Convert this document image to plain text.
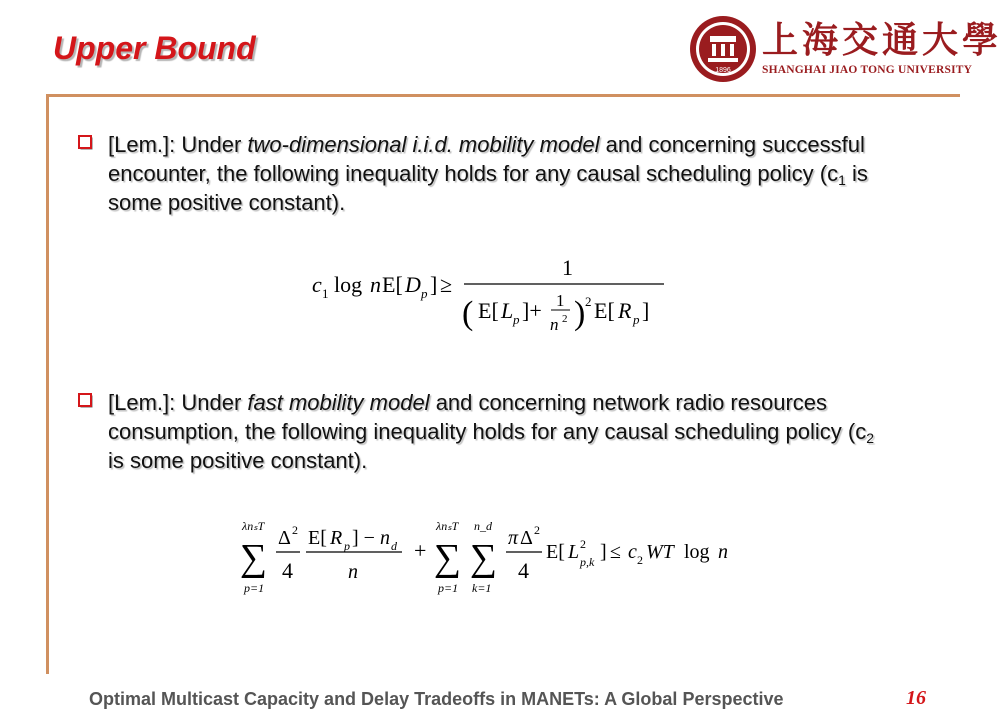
Upper Bound
1896
上海交通大學
SHANGHAI JIAO TONG UNIVERSITY
[Lem.]: Under two-dimensional i.i.d. mobility model and concerning successful encounter, the following inequality holds for any causal scheduling policy ($c_1$ is some positive constant).
c 1 log n E[ D p ] ≥
1
( E[ L p ]+ 1
n 2 ) 2 E[ R p ]
[Lem.]: Under fast mobility model and concerning network radio resources consumption, the following inequality holds for any causal scheduling policy ($c_2$ is some positive constant).
λnₛT
∑
p=1
Δ 2
4
E[ R p ] − n d
n
+
λnₛT
∑
p=1
n_d
∑
k=1
π Δ 2
4
E[ L 2
p,k ] ≤ c 2 WT log n
Optimal Multicast Capacity and Delay Tradeoffs in MANETs: A Global Perspective	16
